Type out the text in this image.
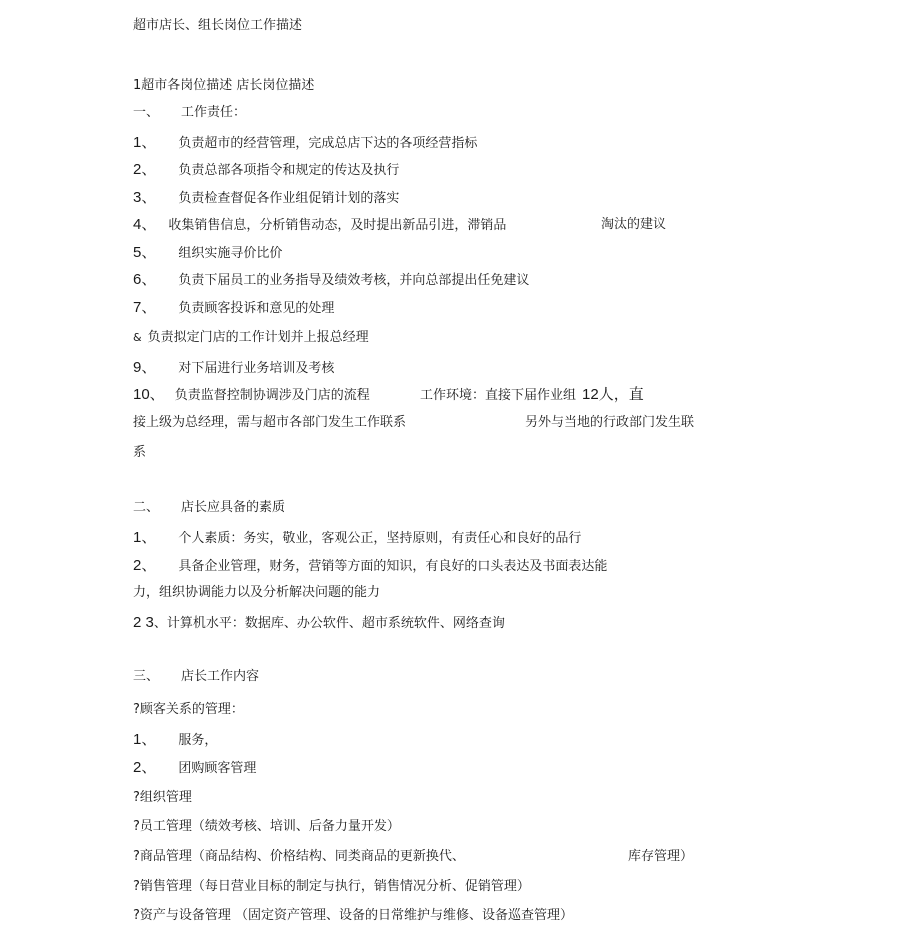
超市店长、组长岗位工作描述
1超市各岗位描述 店长岗位描述
一、 工作责任：
1、 负责超市的经营管理，完成总店下达的各项经营指标
2、 负责总部各项指令和规定的传达及执行
3、 负责检查督促各作业组促销计划的落实
4、 收集销售信息，分析销售动态，及时提出新品引进，滞销品	淘汰的建议
5、 组织实施寻价比价
6、 负责下届员工的业务指导及绩效考核，并向总部提出任免建议
7、 负责顾客投诉和意见的处理
& 负责拟定门店的工作计划并上报总经理
9、 对下届进行业务培训及考核
10、 负责监督控制协调涉及门店的流程	工作环境：直接下届作业组 12人，直
接上级为总经理，需与超市各部门发生工作联系	另外与当地的行政部门发生联
系
二、 店长应具备的素质
1、 个人素质：务实，敬业，客观公正，坚持原则，有责任心和良好的品行
2、 具备企业管理，财务，营销等方面的知识，有良好的口头表达及书面表达能
力，组织协调能力以及分析解决问题的能力
2 3、计算机水平：数据库、办公软件、超市系统软件、网络查询
三、 店长工作内容
?顾客关系的管理：
1、 服务，
2、 团购顾客管理
?组织管理
?员工管理（绩效考核、培训、后备力量开发）
?商品管理（商品结构、价格结构、同类商品的更新换代、	库存管理）
?销售管理（每日营业目标的制定与执行，销售情况分析、促销管理）
?资产与设备管理 （固定资产管理、设备的日常维护与维修、设备巡查管理）
